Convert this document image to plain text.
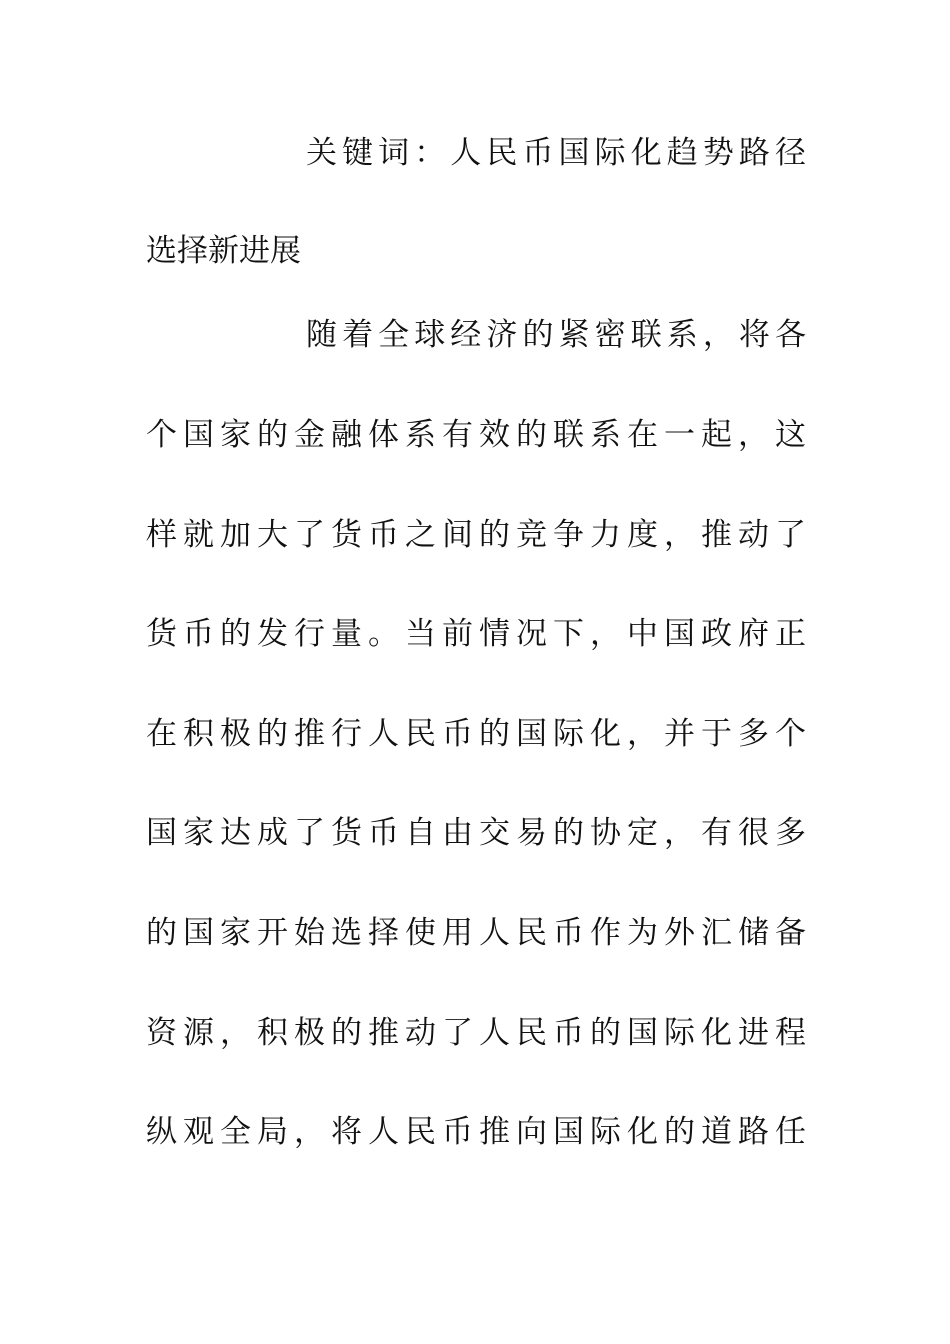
关键词：人民币国际化趋势路径
选择新进展
随着全球经济的紧密联系，将各
个国家的金融体系有效的联系在一起，这
样就加大了货币之间的竞争力度，推动了
货币的发行量。当前情况下，中国政府正
在积极的推行人民币的国际化，并于多个
国家达成了货币自由交易的协定，有很多
的国家开始选择使用人民币作为外汇储备
资源，积极的推动了人民币的国际化进程
纵观全局，将人民币推向国际化的道路任
